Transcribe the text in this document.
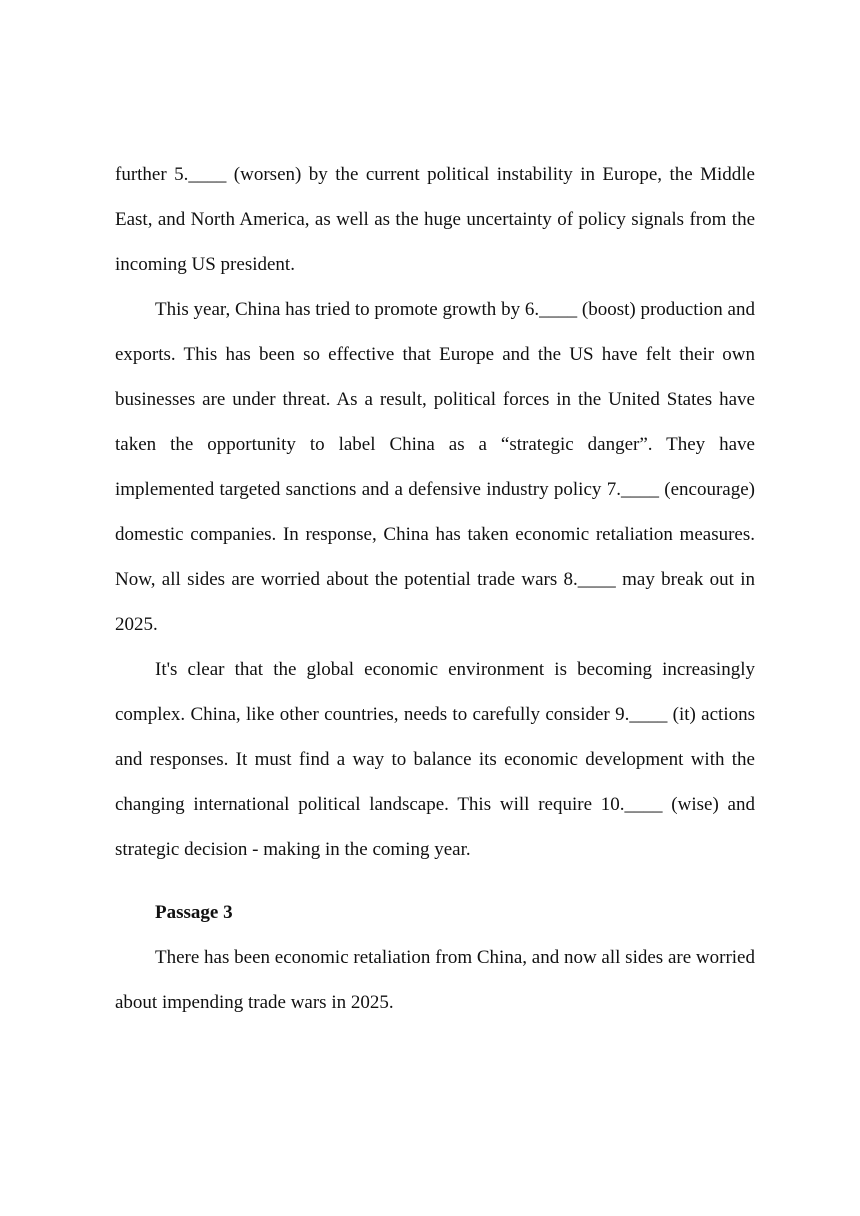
further 5.____ (worsen) by the current political instability in Europe, the Middle East, and North America, as well as the huge uncertainty of policy signals from the incoming US president.

This year, China has tried to promote growth by 6.____ (boost) production and exports. This has been so effective that Europe and the US have felt their own businesses are under threat. As a result, political forces in the United States have taken the opportunity to label China as a “strategic danger”. They have implemented targeted sanctions and a defensive industry policy 7.____ (encourage) domestic companies. In response, China has taken economic retaliation measures. Now, all sides are worried about the potential trade wars 8.____ may break out in 2025.

It's clear that the global economic environment is becoming increasingly complex. China, like other countries, needs to carefully consider 9.____ (it) actions and responses. It must find a way to balance its economic development with the changing international political landscape. This will require 10.____ (wise) and strategic decision - making in the coming year.

Passage 3

There has been economic retaliation from China, and now all sides are worried about impending trade wars in 2025.
